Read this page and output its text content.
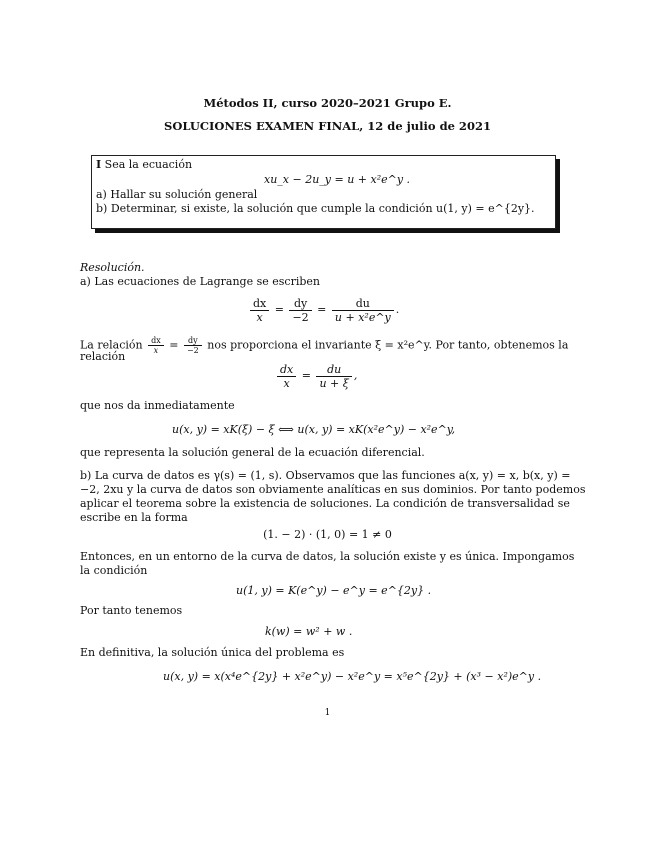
Métodos II, curso 2020–2021 Grupo E.
SOLUCIONES EXAMEN FINAL, 12 de julio de 2021
I Sea la ecuación
xu_x − 2u_y = u + x²e^y .
a) Hallar su solución general
b) Determinar, si existe, la solución que cumple la condición u(1, y) = e^{2y}.
Resolución.
a) Las ecuaciones de Lagrange se escriben
$\frac{dx}{x} = \frac{dy}{-2} = \frac{du}{\text{u + x²e\textasciicircum{}y}}$ .
La relación $\frac{dx}{x} = \frac{dy}{-2}$ nos proporciona el invariante ξ = x²e^y. Por tanto, obtenemos la
relación
$\frac{dx}{x} = \frac{du}{u + \xi}$ ,
que nos da inmediatamente
u(x, y) = xK(ξ) − ξ ⟺ u(x, y) = xK(x²e^y) − x²e^y,
que representa la solución general de la ecuación diferencial.
b) La curva de datos es γ(s) = (1, s). Observamos que las funciones a(x, y) = x, b(x, y) =
−2, 2xu y la curva de datos son obviamente analíticas en sus dominios. Por tanto podemos
aplicar el teorema sobre la existencia de soluciones. La condición de transversalidad se
escribe en la forma
(1. − 2) · (1, 0) = 1 ≠ 0
Entonces, en un entorno de la curva de datos, la solución existe y es única. Impongamos
la condición
u(1, y) = K(e^y) − e^y = e^{2y} .
Por tanto tenemos
k(w) = w² + w .
En definitiva, la solución única del problema es
u(x, y) = x(x⁴e^{2y} + x²e^y) − x²e^y = x⁵e^{2y} + (x³ − x²)e^y .
1
